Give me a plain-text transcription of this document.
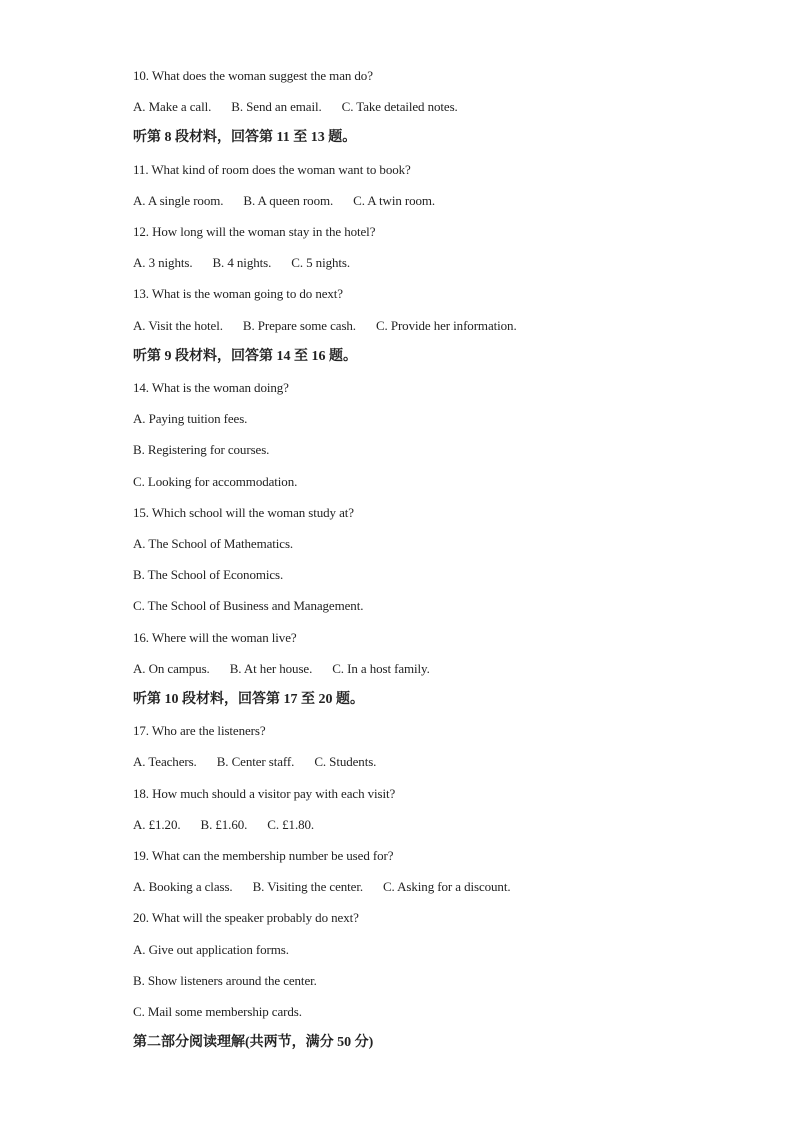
10. What does the woman suggest the man do?
A. Make a call. B. Send an email. C. Take detailed notes.
听第 8 段材料，回答第 11 至 13 题。
11. What kind of room does the woman want to book?
A. A single room. B. A queen room. C. A twin room.
12. How long will the woman stay in the hotel?
A. 3 nights. B. 4 nights. C. 5 nights.
13. What is the woman going to do next?
A. Visit the hotel. B. Prepare some cash. C. Provide her information.
听第 9 段材料，回答第 14 至 16 题。
14. What is the woman doing?
A. Paying tuition fees.
B. Registering for courses.
C. Looking for accommodation.
15. Which school will the woman study at?
A. The School of Mathematics.
B. The School of Economics.
C. The School of Business and Management.
16. Where will the woman live?
A. On campus. B. At her house. C. In a host family.
听第 10 段材料，回答第 17 至 20 题。
17. Who are the listeners?
A. Teachers. B. Center staff. C. Students.
18. How much should a visitor pay with each visit?
A. £1.20. B. £1.60. C. £1.80.
19. What can the membership number be used for?
A. Booking a class. B. Visiting the center. C. Asking for a discount.
20. What will the speaker probably do next?
A. Give out application forms.
B. Show listeners around the center.
C. Mail some membership cards.
第二部分阅读理解(共两节，满分 50 分)
